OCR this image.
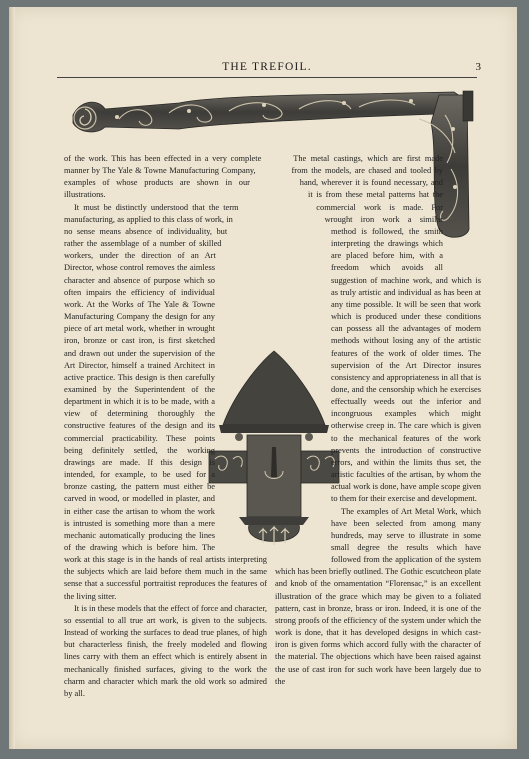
THE TREFOIL.	3

of the work. This has been effected in a very complete manner by The Yale & Towne Manufacturing Company, examples of whose products are shown in our illustrations.

It must be distinctly understood that the term manufacturing, as applied to this class of work, in no sense means absence of individuality, but rather the assemblage of a number of skilled workers, under the direction of an Art Director, whose control removes the aimless character and absence of purpose which so often impairs the efficiency of individual work. At the Works of The Yale & Towne Manufacturing Company the design for any piece of art metal work, whether in wrought iron, bronze or cast iron, is first sketched and drawn out under the supervision of the Art Director, himself a trained Architect in active practice. This design is then carefully examined by the Superintendent of the department in which it is to be made, with a view of determining thoroughly the constructive features of the design and its commercial practicability. These points being definitely settled, the working drawings are made. If this design is intended, for example, to be used for a bronze casting, the pattern must either be carved in wood, or modelled in plaster, and in either case the artisan to whom the work is intrusted is something more than a mere mechanic automatically producing the lines of the drawing which is before him. The work at this stage is in the hands of real artists interpreting the subjects which are laid before them much in the same sense that a successful portraitist reproduces the features of the living sitter.

It is in these models that the effect of force and character, so essential to all true art work, is given to the subjects. Instead of working the surfaces to dead true planes, of high but characterless finish, the freely modeled and flowing lines carry with them an effect which is entirely absent in mechanically finished surfaces, giving to the work the charm and character which mark the old work so admired by all.

The metal castings, which are first made from the models, are chased and tooled by hand, wherever it is found necessary, and it is from these metal patterns hat the commercial work is made. For wrought iron work a similar method is followed, the smith interpreting the drawings which are placed before him, with a freedom which avoids all suggestion of machine work, and which is as truly artistic and individual as has been at any time possible. It will be seen that work which is produced under these conditions can possess all the advantages of modern methods without losing any of the artistic features of the work of older times. The supervision of the Art Director insures consistency and appropriateness in all that is done, and the censorship which he exercises effectually weeds out the inferior and incongruous examples which might otherwise creep in. The care which is given to the mechanical features of the work prevents the introduction of constructive errors, and within the limits thus set, the artistic faculties of the artisan, by whom the actual work is done, have ample scope given to them for their exercise and development.

The examples of Art Metal Work, which have been selected from among many hundreds, may serve to illustrate in some small degree the results which have followed from the application of the system which has been briefly outlined. The Gothic escutcheon plate and knob of the ornamentation “Florensac,” is an excellent illustration of the grace which may be given to a foliated pattern, cast in bronze, brass or iron. Indeed, it is one of the strong proofs of the efficiency of the system under which the work is done, that it has developed designs in which cast-iron is given forms which accord fully with the character of the material. The objections which have been raised against the use of cast iron for such work have been largely due to the
